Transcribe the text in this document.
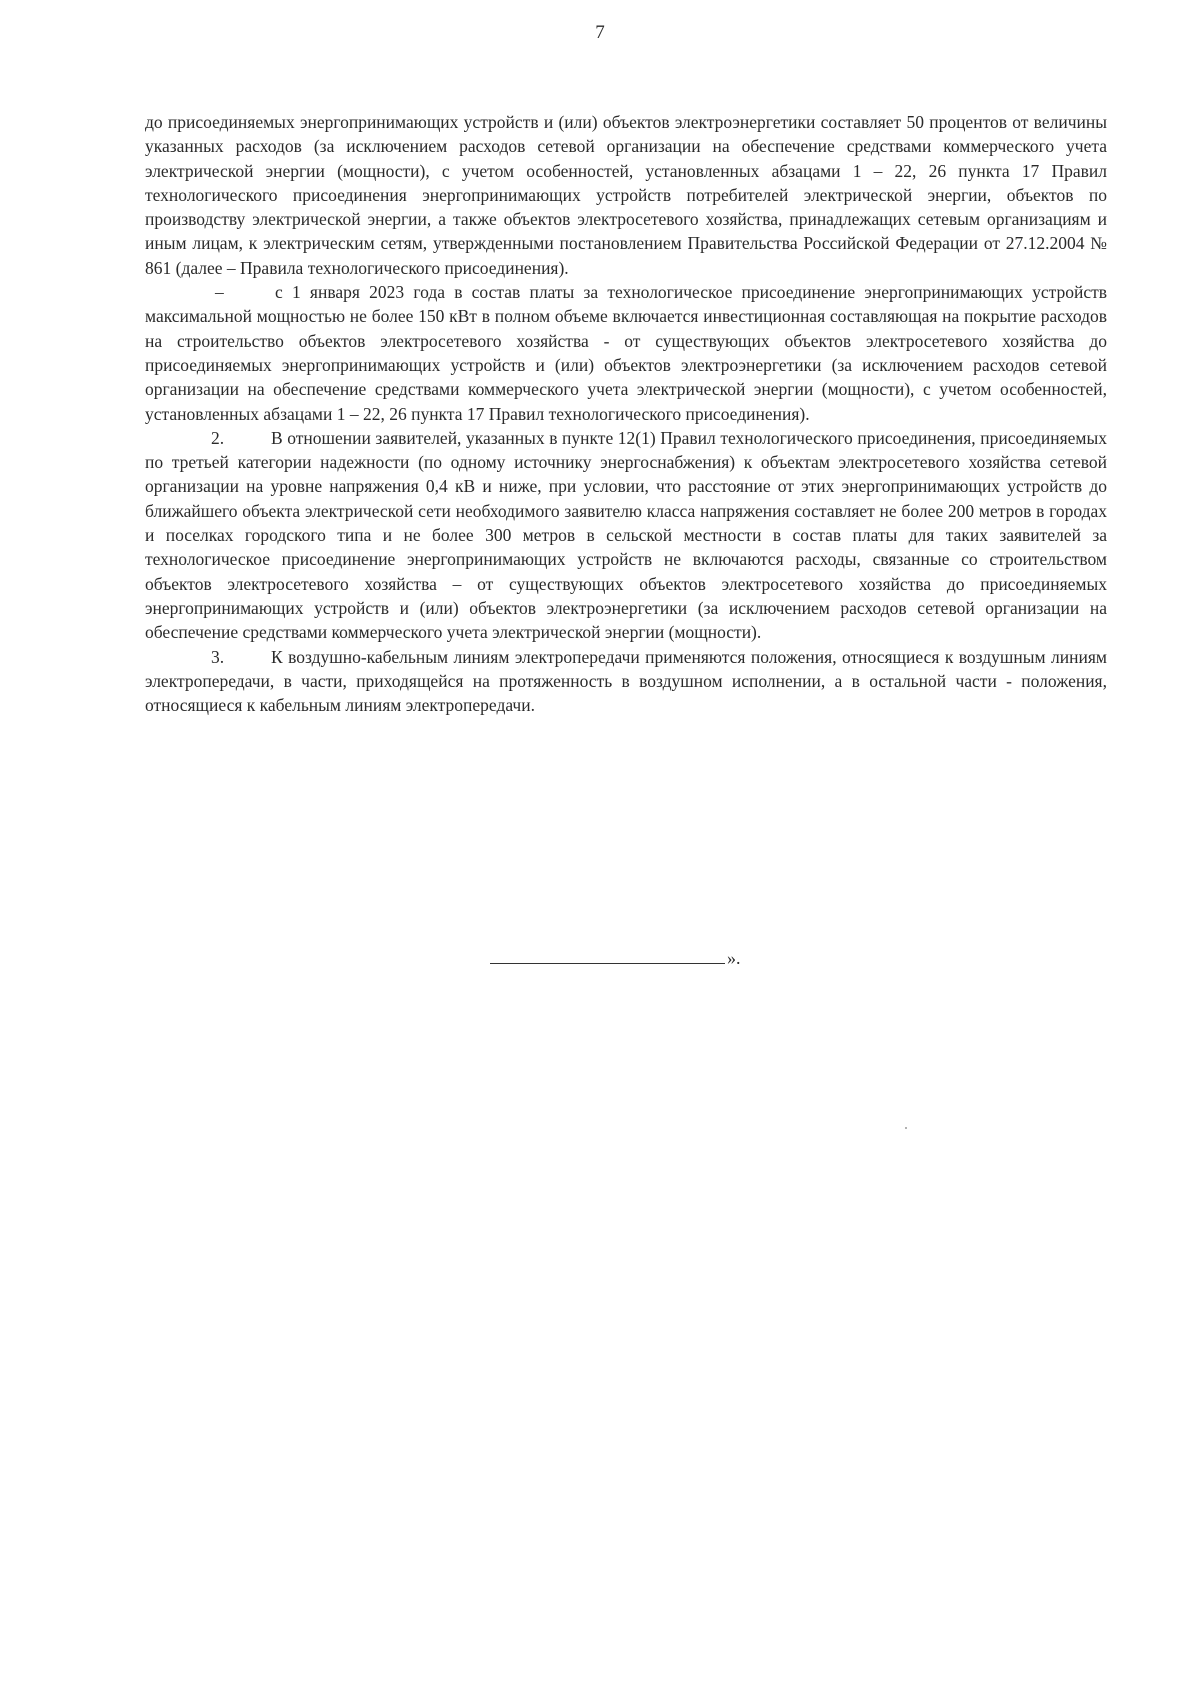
7

до присоединяемых энергопринимающих устройств и (или) объектов электроэнергетики составляет 50 процентов от величины указанных расходов (за исключением расходов сетевой организации на обеспечение средствами коммерческого учета электрической энергии (мощности), с учетом особенностей, установленных абзацами 1 – 22, 26 пункта 17 Правил технологического присоединения энергопринимающих устройств потребителей электрической энергии, объектов по производству электрической энергии, а также объектов электросетевого хозяйства, принадлежащих сетевым организациям и иным лицам, к электрическим сетям, утвержденными постановлением Правительства Российской Федерации от 27.12.2004 № 861 (далее – Правила технологического присоединения).

–	с 1 января 2023 года в состав платы за технологическое присоединение энергопринимающих устройств максимальной мощностью не более 150 кВт в полном объеме включается инвестиционная составляющая на покрытие расходов на строительство объектов электросетевого хозяйства - от существующих объектов электросетевого хозяйства до присоединяемых энергопринимающих устройств и (или) объектов электроэнергетики (за исключением расходов сетевой организации на обеспечение средствами коммерческого учета электрической энергии (мощности), с учетом особенностей, установленных абзацами 1 – 22, 26 пункта 17 Правил технологического присоединения).

2.	В отношении заявителей, указанных в пункте 12(1) Правил технологического присоединения, присоединяемых по третьей категории надежности (по одному источнику энергоснабжения) к объектам электросетевого хозяйства сетевой организации на уровне напряжения 0,4 кВ и ниже, при условии, что расстояние от этих энергопринимающих устройств до ближайшего объекта электрической сети необходимого заявителю класса напряжения составляет не более 200 метров в городах и поселках городского типа и не более 300 метров в сельской местности в состав платы для таких заявителей за технологическое присоединение энергопринимающих устройств не включаются расходы, связанные со строительством объектов электросетевого хозяйства – от существующих объектов электросетевого хозяйства до присоединяемых энергопринимающих устройств и (или) объектов электроэнергетики (за исключением расходов сетевой организации на обеспечение средствами коммерческого учета электрической энергии (мощности).

3.	К воздушно-кабельным линиям электропередачи применяются положения, относящиеся к воздушным линиям электропередачи, в части, приходящейся на протяженность в воздушном исполнении, а в остальной части - положения, относящиеся к кабельным линиям электропередачи.

».
